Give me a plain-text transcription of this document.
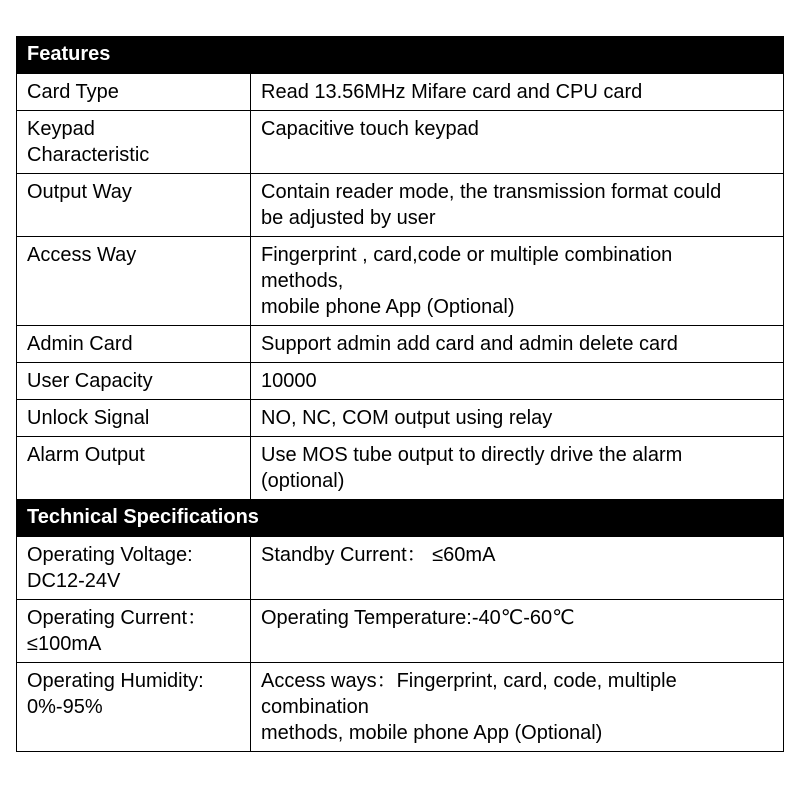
Features	
Card Type	Read 13.56MHz Mifare card and CPU card
Keypad
Characteristic	Capacitive touch keypad
Output Way	Contain reader mode, the transmission format could
be adjusted by user
Access Way	Fingerprint , card,code or multiple combination
methods,
mobile phone App (Optional)
Admin Card	Support admin add card and admin delete card
User Capacity	10000
Unlock Signal	NO, NC, COM output using relay
Alarm Output	Use MOS tube output to directly drive the alarm
(optional)
Technical Specifications	
Operating Voltage:
DC12-24V	Standby Current： ≤60mA
Operating Current：
≤100mA	Operating Temperature:-40℃-60℃
Operating Humidity:
0%-95%	Access ways：Fingerprint, card, code, multiple
combination
methods, mobile phone App (Optional)
